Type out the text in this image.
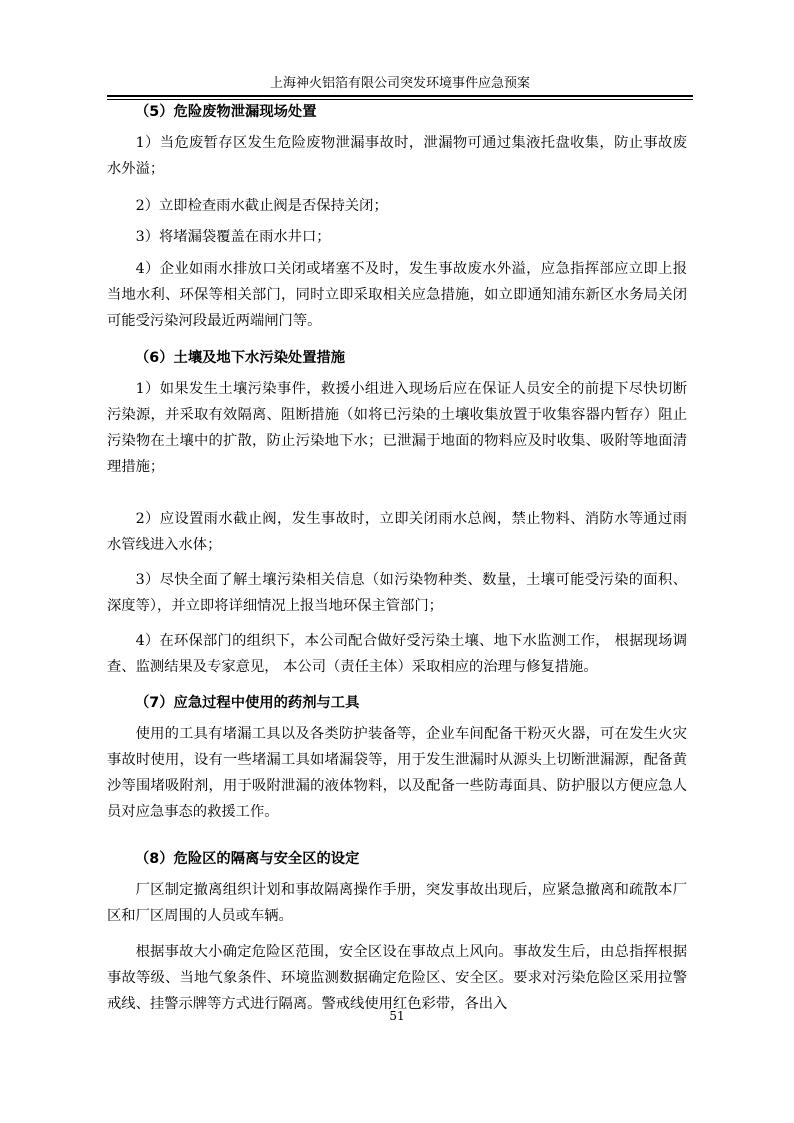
上海神火铝箔有限公司突发环境事件应急预案
（5）危险废物泄漏现场处置
1）当危废暂存区发生危险废物泄漏事故时，泄漏物可通过集液托盘收集，防止事故废水外溢；
2）立即检查雨水截止阀是否保持关闭；
3）将堵漏袋覆盖在雨水井口；
4）企业如雨水排放口关闭或堵塞不及时，发生事故废水外溢，应急指挥部应立即上报当地水利、环保等相关部门，同时立即采取相关应急措施，如立即通知浦东新区水务局关闭可能受污染河段最近两端闸门等。
（6）土壤及地下水污染处置措施
1）如果发生土壤污染事件，救援小组进入现场后应在保证人员安全的前提下尽快切断污染源，并采取有效隔离、阻断措施（如将已污染的土壤收集放置于收集容器内暂存）阻止污染物在土壤中的扩散，防止污染地下水；已泄漏于地面的物料应及时收集、吸附等地面清理措施；
2）应设置雨水截止阀，发生事故时，立即关闭雨水总阀，禁止物料、消防水等通过雨水管线进入水体；
3）尽快全面了解土壤污染相关信息（如污染物种类、数量，土壤可能受污染的面积、深度等），并立即将详细情况上报当地环保主管部门；
4）在环保部门的组织下，本公司配合做好受污染土壤、地下水监测工作， 根据现场调查、监测结果及专家意见， 本公司（责任主体）采取相应的治理与修复措施。
（7）应急过程中使用的药剂与工具
使用的工具有堵漏工具以及各类防护装备等，企业车间配备干粉灭火器，可在发生火灾事故时使用，设有一些堵漏工具如堵漏袋等，用于发生泄漏时从源头上切断泄漏源，配备黄沙等围堵吸附剂，用于吸附泄漏的液体物料，以及配备一些防毒面具、防护服以方便应急人员对应急事态的救援工作。
（8）危险区的隔离与安全区的设定
厂区制定撤离组织计划和事故隔离操作手册，突发事故出现后，应紧急撤离和疏散本厂区和厂区周围的人员或车辆。
根据事故大小确定危险区范围，安全区设在事故点上风向。事故发生后，由总指挥根据事故等级、当地气象条件、环境监测数据确定危险区、安全区。要求对污染危险区采用拉警戒线、挂警示牌等方式进行隔离。警戒线使用红色彩带，各出入
51
